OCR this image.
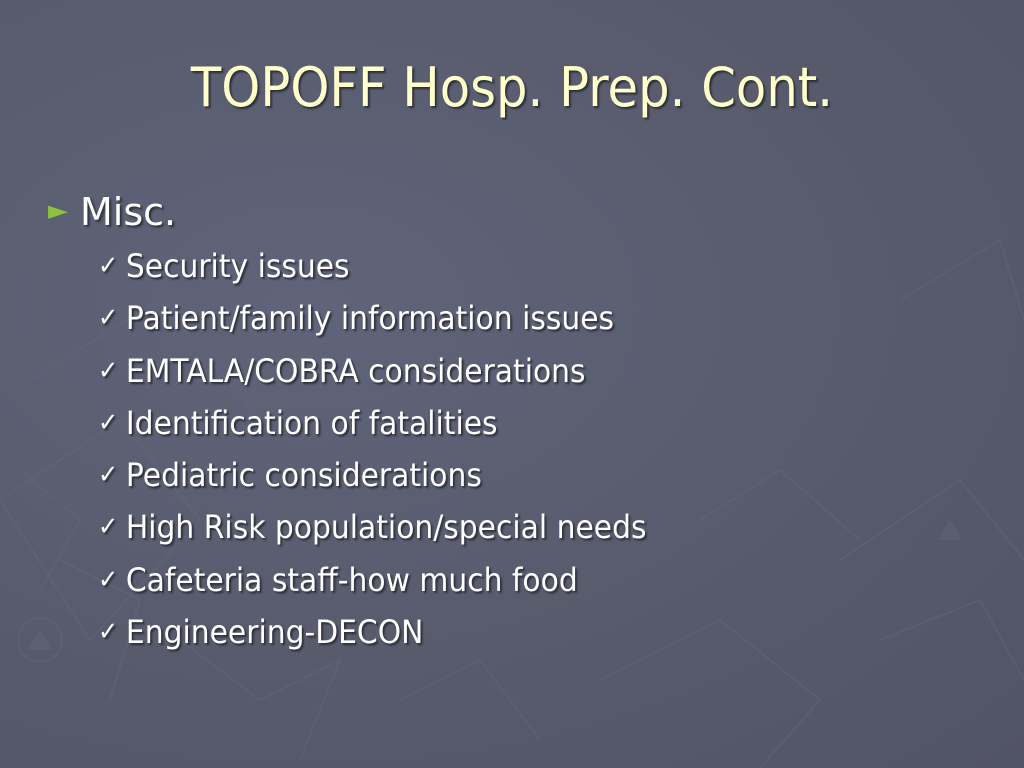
TOPOFF Hosp. Prep. Cont.
► Misc.
✓ Security issues
✓ Patient/family information issues
✓ EMTALA/COBRA considerations
✓ Identification of fatalities
✓ Pediatric considerations
✓ High Risk population/special needs
✓ Cafeteria staff-how much food
✓ Engineering-DECON
